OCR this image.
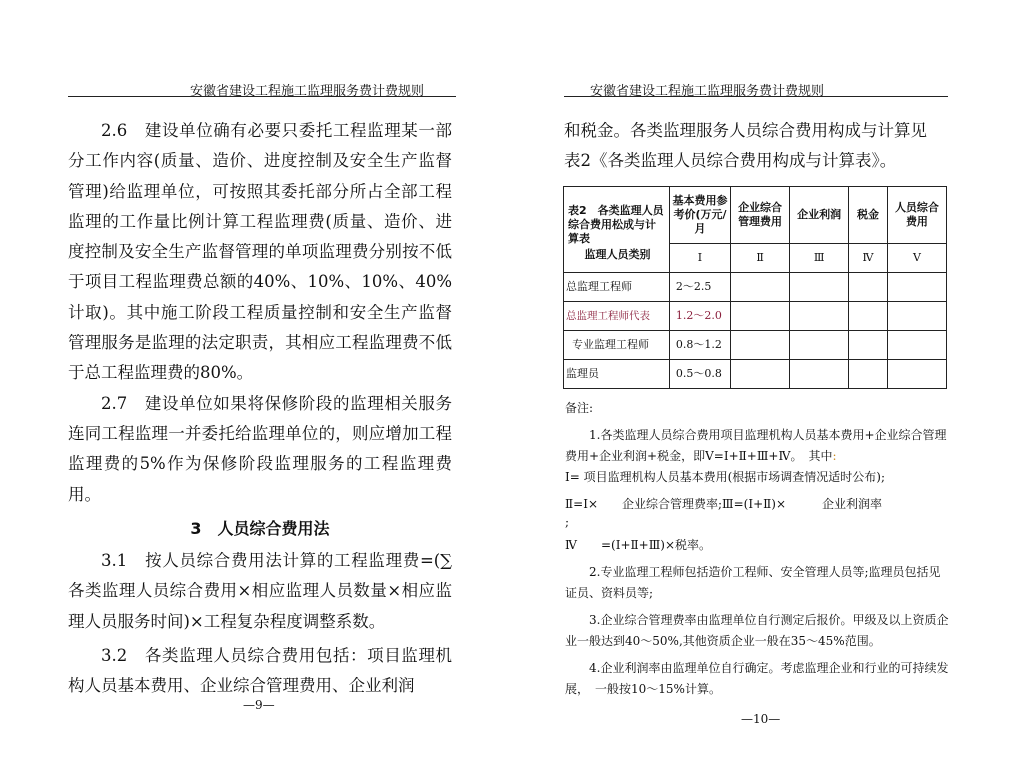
安徽省建设工程施工监理服务费计费规则

2.6　建设单位确有必要只委托工程监理某一部分工作内容(质量、造价、进度控制及安全生产监督管理)给监理单位，可按照其委托部分所占全部工程监理的工作量比例计算工程监理费(质量、造价、进度控制及安全生产监督管理的单项监理费分别按不低于项目工程监理费总额的40%、10%、10%、40%计取)。其中施工阶段工程质量控制和安全生产监督管理服务是监理的法定职责，其相应工程监理费不低于总工程监理费的80%。

2.7　建设单位如果将保修阶段的监理相关服务连同工程监理一并委托给监理单位的，则应增加工程监理费的5%作为保修阶段监理服务的工程监理费用。

3　人员综合费用法

3.1　按人员综合费用法计算的工程监理费=(∑各类监理人员综合费用×相应监理人员数量×相应监理人员服务时间)×工程复杂程度调整系数。

3.2　各类监理人员综合费用包括：项目监理机构人员基本费用、企业综合管理费用、企业利润

—9—
安徽省建设工程施工监理服务费计费规则

和税金。各类监理服务人员综合费用构成与计算见

表2《各类监理人员综合费用构成与计算表》。

表2　各类监理人员综合费用松成与计算表
监理人员类别	基本费用参考价(万元/月	企业综合管理费用	企业利润	税金	人员综合费用
	Ⅰ	Ⅱ	Ⅲ	Ⅳ	Ⅴ
总监理工程师	2～2.5				
总监理工程师代表	1.2～2.0				
专业监理工程师	0.8～1.2				
监理员	0.5～0.8				

备注:

1.各类监理人员综合费用项目监理机构人员基本费用+企业综合管理费用+企业利润+税金，即Ⅴ=Ⅰ+Ⅱ+Ⅲ+Ⅳ。　其中:

Ⅰ= 项目监理机构人员基本费用(根据市场调查情况适时公布);

Ⅱ=Ⅰ×　　企业综合管理费率;Ⅲ=(Ⅰ+Ⅱ)×　　　企业利润率

;

Ⅳ　　=(Ⅰ+Ⅱ+Ⅲ)×税率。

2.专业监理工程师包括造价工程师、安全管理人员等;监理员包括见证员、资料员等;

3.企业综合管理费率由监理单位自行测定后报价。甲级及以上资质企业一般达到40～50%,其他资质企业一般在35～45%范围。

4.企业利润率由监理单位自行确定。考虑监理企业和行业的可持续发展，　一般按10～15%计算。

—10—
